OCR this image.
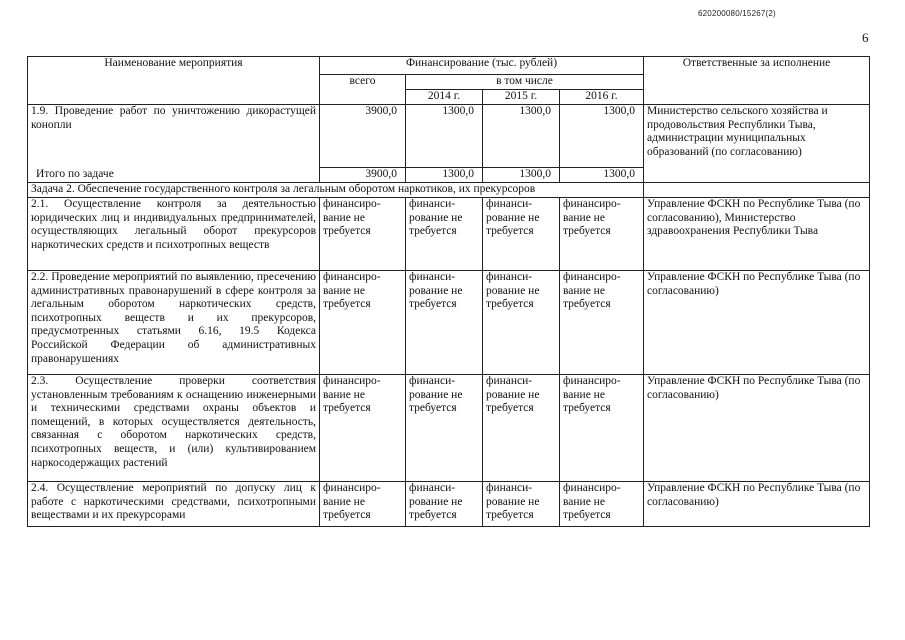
620200080/15267(2)
6
Наименование мероприятия	Финансирование (тыс. рублей)				Ответственные за исполнение
	всего	в том числе			
		2014 г.	2015 г.	2016 г.	
1.9. Проведение работ по уничтожению дикорастущей конопли	3900,0	1300,0	1300,0	1300,0	Министерство сельского хозяйства и продовольствия Республики Тыва, администрации муниципальных образований (по согласованию)
Итого по задаче	3900,0	1300,0	1300,0	1300,0	
Задача 2. Обеспечение государственного контроля за легальным оборотом наркотиков, их прекурсоров					
2.1. Осуществление контроля за деятельностью юридических лиц и индивидуальных предпринимателей, осуществляющих легальный оборот прекурсоров наркотических средств и психотропных веществ	финансиро-вание не требуется	финанси-рование не требуется	финанси-рование не требуется	финансиро-вание не требуется	Управление ФСКН по Республике Тыва (по согласованию), Министерство здравоохранения Республики Тыва
2.2. Проведение мероприятий по выявлению, пресечению административных правонарушений в сфере контроля за легальным оборотом наркотических средств, психотропных веществ и их прекурсоров, предусмотренных статьями 6.16, 19.5 Кодекса Российской Федерации об административных правонарушениях	финансиро-вание не требуется	финанси-рование не требуется	финанси-рование не требуется	финансиро-вание не требуется	Управление ФСКН по Республике Тыва (по согласованию)
2.3. Осуществление проверки соответствия установленным требованиям к оснащению инженерными и техническими средствами охраны объектов и помещений, в которых осуществляется деятельность, связанная с оборотом наркотических средств, психотропных веществ, и (или) культивированием наркосодержащих растений	финансиро-вание не требуется	финанси-рование не требуется	финанси-рование не требуется	финансиро-вание не требуется	Управление ФСКН по Республике Тыва (по согласованию)
2.4. Осуществление мероприятий по допуску лиц к работе с наркотическими средствами, психотропными веществами и их прекурсорами	финансиро-вание не требуется	финанси-рование не требуется	финанси-рование не требуется	финансиро-вание не требуется	Управление ФСКН по Республике Тыва (по согласованию)
